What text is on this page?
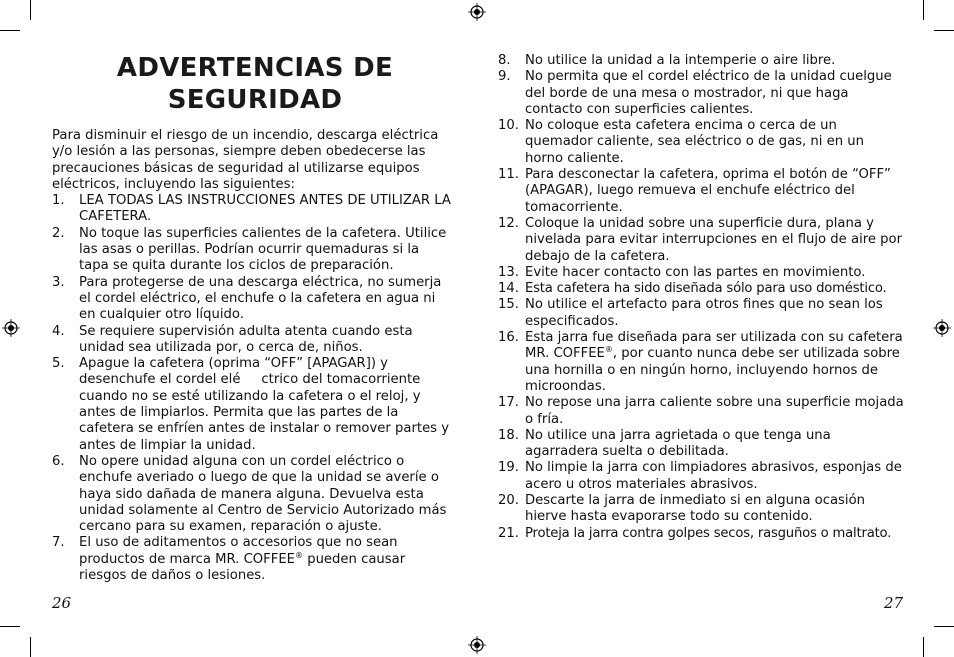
ADVERTENCIAS DE SEGURIDAD

Para disminuir el riesgo de un incendio, descarga eléctrica y/o lesión a las personas, siempre deben obedecerse las precauciones básicas de seguridad al utilizarse equipos eléctricos, incluyendo las siguientes:

1. LEA TODAS LAS INSTRUCCIONES ANTES DE UTILIZAR LA CAFETERA.
2. No toque las superficies calientes de la cafetera. Utilice las asas o perillas. Podrían ocurrir quemaduras si la tapa se quita durante los ciclos de preparación.
3. Para protegerse de una descarga eléctrica, no sumerja el cordel eléctrico, el enchufe o la cafetera en agua ni en cualquier otro líquido.
4. Se requiere supervisión adulta atenta cuando esta unidad sea utilizada por, o cerca de, niños.
5. Apague la cafetera (oprima “OFF” [APAGAR]) y desenchufe el cordel elé     ctrico del tomacorriente cuando no se esté utilizando la cafetera o el reloj, y antes de limpiarlos. Permita que las partes de la cafetera se enfríen antes de instalar o remover partes y antes de limpiar la unidad.
6. No opere unidad alguna con un cordel eléctrico o enchufe averiado o luego de que la unidad se averíe o haya sido dañada de manera alguna. Devuelva esta unidad solamente al Centro de Servicio Autorizado más cercano para su examen, reparación o ajuste.
7. El uso de aditamentos o accesorios que no sean productos de marca MR. COFFEE® pueden causar riesgos de daños o lesiones.
26
8. No utilice la unidad a la intemperie o aire libre.
9. No permita que el cordel eléctrico de la unidad cuelgue del borde de una mesa o mostrador, ni que haga contacto con superficies calientes.
10. No coloque esta cafetera encima o cerca de un quemador caliente, sea eléctrico o de gas, ni en un horno caliente.
11. Para desconectar la cafetera, oprima el botón de “OFF” (APAGAR), luego remueva el enchufe eléctrico del tomacorriente.
12. Coloque la unidad sobre una superficie dura, plana y nivelada para evitar interrupciones en el flujo de aire por debajo de la cafetera.
13. Evite hacer contacto con las partes en movimiento.
14. Esta cafetera ha sido diseñada sólo para uso doméstico.
15. No utilice el artefacto para otros fines que no sean los especificados.
16. Esta jarra fue diseñada para ser utilizada con su cafetera MR. COFFEE®, por cuanto nunca debe ser utilizada sobre una hornilla o en ningún horno, incluyendo hornos de microondas.
17. No repose una jarra caliente sobre una superficie mojada o fría.
18. No utilice una jarra agrietada o que tenga una agarradera suelta o debilitada.
19. No limpie la jarra con limpiadores abrasivos, esponjas de acero u otros materiales abrasivos.
20. Descarte la jarra de inmediato si en alguna ocasión hierve hasta evaporarse todo su contenido.
21. Proteja la jarra contra golpes secos, rasguños o maltrato.
27
